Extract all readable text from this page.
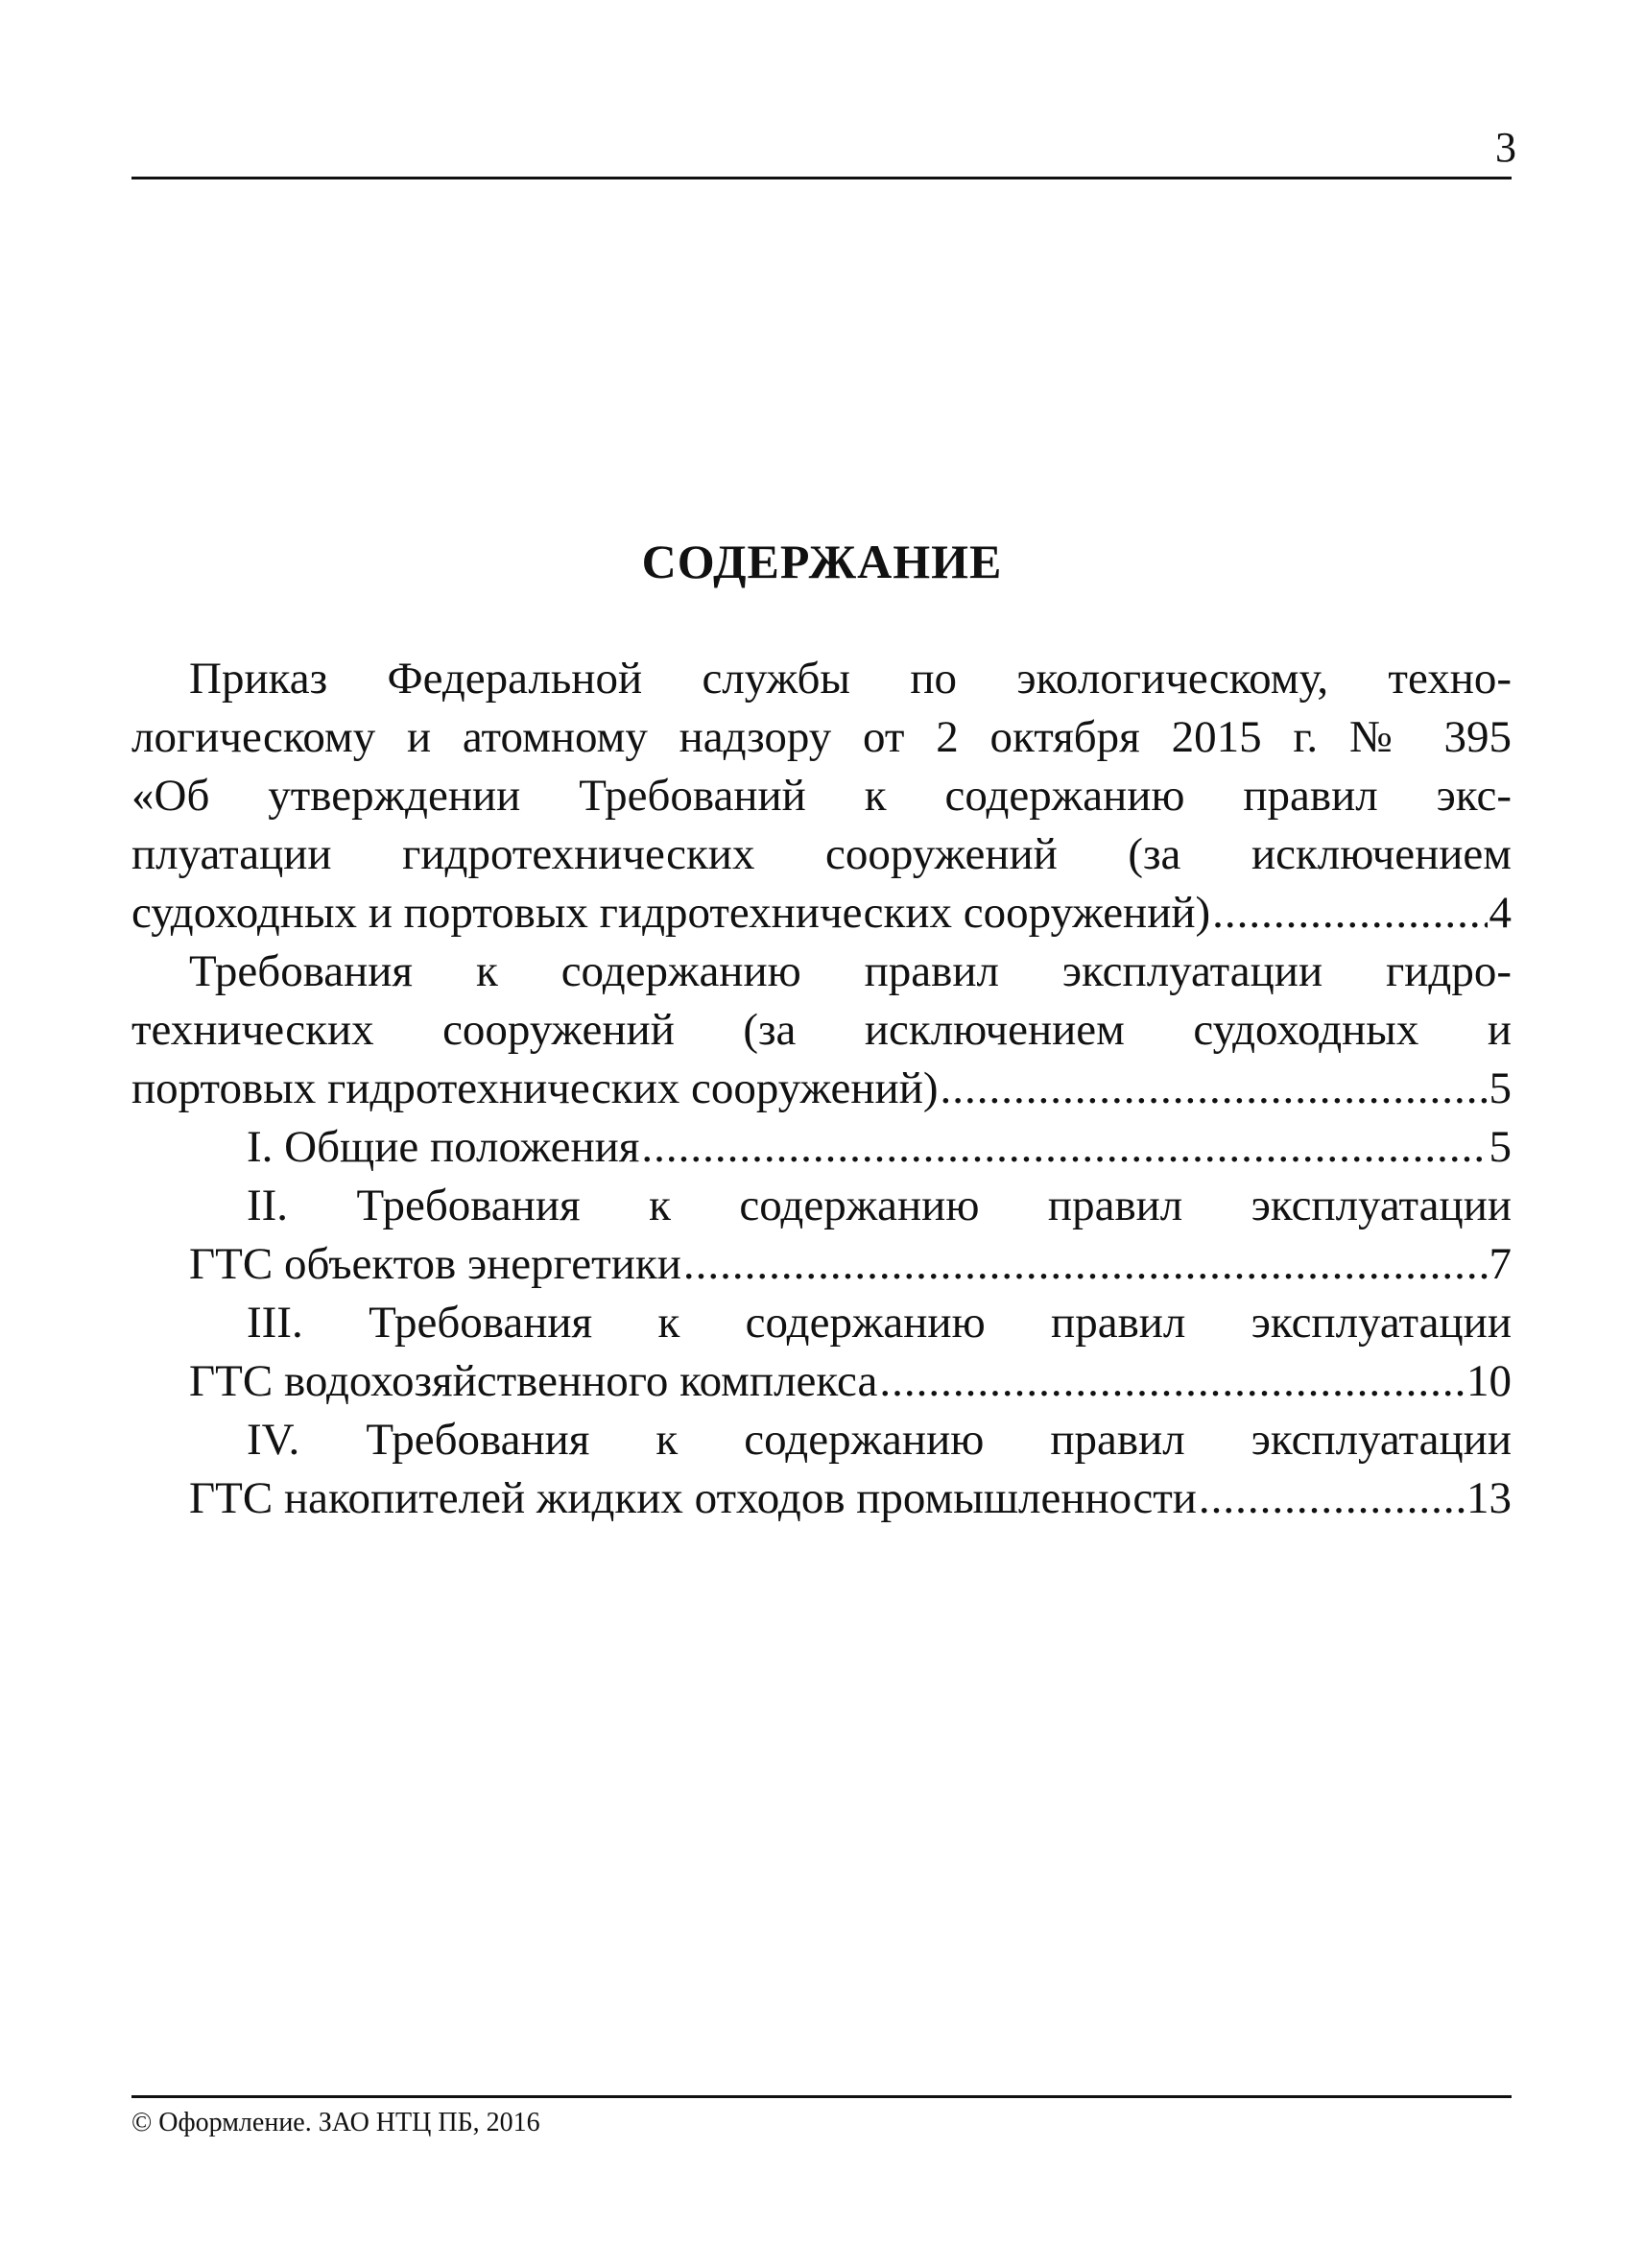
3
СОДЕРЖАНИЕ
Приказ Федеральной службы по экологическому, техно-
логическому и атомному надзору от 2 октября 2015 г. № 395
«Об утверждении Требований к содержанию правил экс-
плуатации гидротехнических сооружений (за исключением
судоходных и портовых гидротехнических сооружений) .....	4
Требования к содержанию правил эксплуатации гидро-
технических сооружений (за исключением судоходных и
портовых гидротехнических сооружений) .....	5
I. Общие положения .....	5
II. Требования к содержанию правил эксплуатации
ГТС объектов энергетики .....	7
III. Требования к содержанию правил эксплуатации
ГТС водохозяйственного комплекса .....	10
IV. Требования к содержанию правил эксплуатации
ГТС накопителей жидких отходов промышленности .....	13
© Оформление. ЗАО НТЦ ПБ, 2016
